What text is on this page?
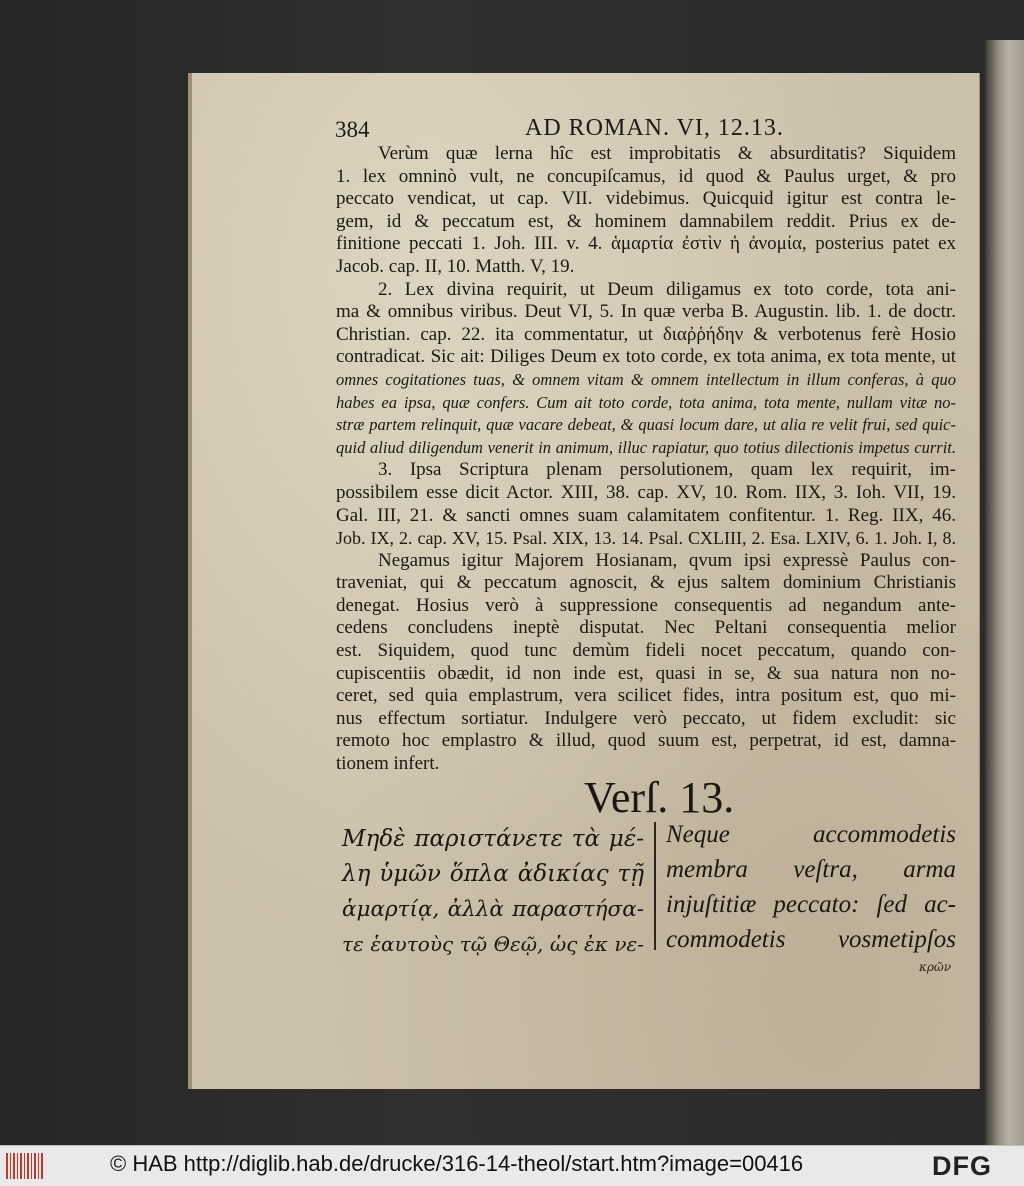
384	AD ROMAN. VI, 12.13.
Verùm quæ lerna hîc est improbitatis & absurditatis? Siquidem
1. lex omninò vult, ne concupiſcamus, id quod & Paulus urget, & pro
peccato vendicat, ut cap. VII. videbimus. Quicquid igitur est contra le-
gem, id & peccatum est, & hominem damnabilem reddit. Prius ex de-
finitione peccati 1. Joh. III. v. 4. ἁμαρτία ἐστὶν ἡ ἀνομία, posterius patet ex
Jacob. cap. II, 10. Matth. V, 19.
2. Lex divina requirit, ut Deum diligamus ex toto corde, tota ani-
ma & omnibus viribus. Deut VI, 5. In quæ verba B. Augustin. lib. 1. de doctr.
Christian. cap. 22. ita commentatur, ut διαῤῥήδην & verbotenus ferè Hosio
contradicat. Sic ait: Diliges Deum ex toto corde, ex tota anima, ex tota mente, ut
omnes cogitationes tuas, & omnem vitam & omnem intellectum in illum conferas, à quo
habes ea ipsa, quæ confers. Cum ait toto corde, tota anima, tota mente, nullam vitæ no-
stræ partem relinquit, quæ vacare debeat, & quasi locum dare, ut alia re velit frui, sed quic-
quid aliud diligendum venerit in animum, illuc rapiatur, quo totius dilectionis impetus currit.
3. Ipsa Scriptura plenam persolutionem, quam lex requirit, im-
possibilem esse dicit Actor. XIII, 38. cap. XV, 10. Rom. IIX, 3. Ioh. VII, 19.
Gal. III, 21. & sancti omnes suam calamitatem confitentur. 1. Reg. IIX, 46.
Job. IX, 2. cap. XV, 15. Psal. XIX, 13. 14. Psal. CXLIII, 2. Esa. LXIV, 6. 1. Joh. I, 8.
Negamus igitur Majorem Hosianam, qvum ipsi expressè Paulus con-
traveniat, qui & peccatum agnoscit, & ejus saltem dominium Christianis
denegat. Hosius verò à suppressione consequentis ad negandum ante-
cedens concludens ineptè disputat. Nec Peltani consequentia melior
est. Siquidem, quod tunc demùm fideli nocet peccatum, quando con-
cupiscentiis obædit, id non inde est, quasi in se, & sua natura non no-
ceret, sed quia emplastrum, vera scilicet fides, intra positum est, quo mi-
nus effectum sortiatur. Indulgere verò peccato, ut fidem excludit: sic
remoto hoc emplastro & illud, quod suum est, perpetrat, id est, damna-
tionem infert.
Verſ. 13.
Μηδὲ παριστάνετε τὰ μέ-
λη ὑμῶν ὅπλα ἀδικίας τῇ
ἁμαρτίᾳ, ἀλλὰ παραστήσα-
τε ἑαυτοὺς τῷ Θεῷ, ὡς ἐκ νε-
Neque accommodetis
membra veſtra, arma
injuſtitiæ peccato: ſed ac-
commodetis vosmetipſos
κρῶν
© HAB http://diglib.hab.de/drucke/316-14-theol/start.htm?image=00416	DFG
